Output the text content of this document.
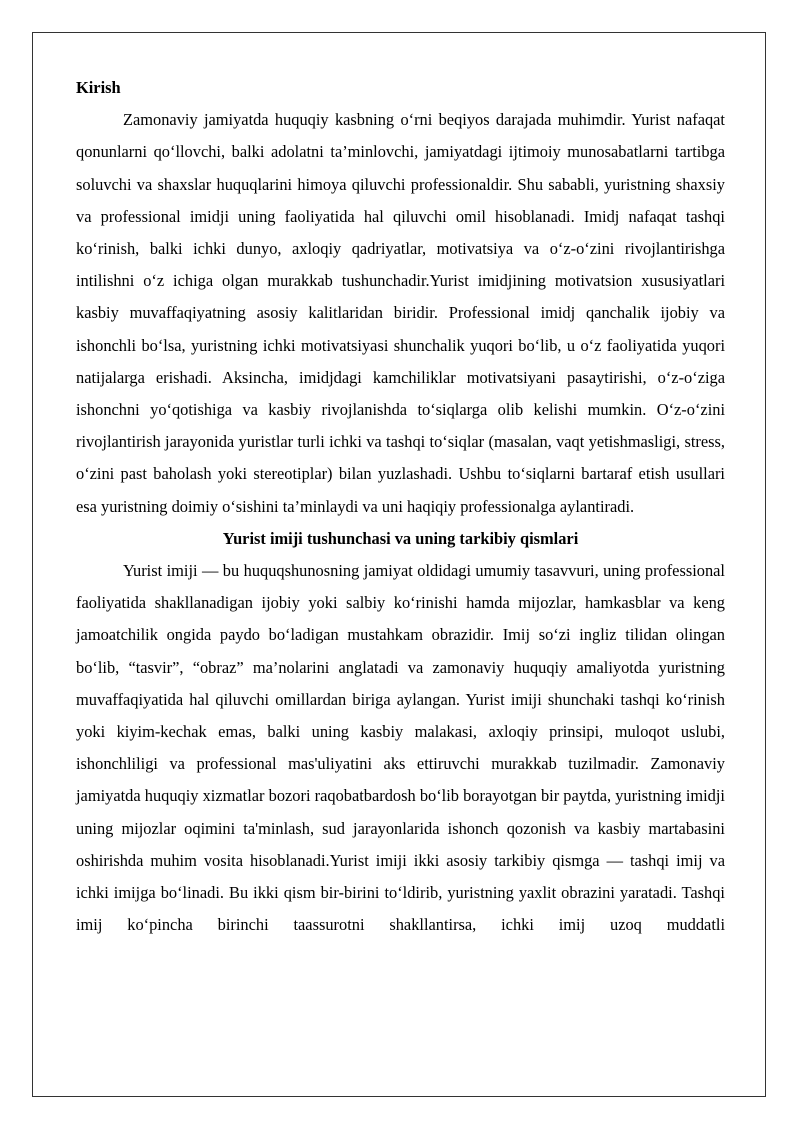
Kirish

Zamonaviy jamiyatda huquqiy kasbning o‘rni beqiyos darajada muhimdir. Yurist nafaqat qonunlarni qo‘llovchi, balki adolatni ta’minlovchi, jamiyatdagi ijtimoiy munosabatlarni tartibga soluvchi va shaxslar huquqlarini himoya qiluvchi professionaldir. Shu sababli, yuristning shaxsiy va professional imidji uning faoliyatida hal qiluvchi omil hisoblanadi. Imidj nafaqat tashqi ko‘rinish, balki ichki dunyo, axloqiy qadriyatlar, motivatsiya va o‘z-o‘zini rivojlantirishga intilishni o‘z ichiga olgan murakkab tushunchadir.Yurist imidjining motivatsion xususiyatlari kasbiy muvaffaqiyatning asosiy kalitlaridan biridir. Professional imidj qanchalik ijobiy va ishonchli bo‘lsa, yuristning ichki motivatsiyasi shunchalik yuqori bo‘lib, u o‘z faoliyatida yuqori natijalarga erishadi. Aksincha, imidjdagi kamchiliklar motivatsiyani pasaytirishi, o‘z-o‘ziga ishonchni yo‘qotishiga va kasbiy rivojlanishda to‘siqlarga olib kelishi mumkin. O‘z-o‘zini rivojlantirish jarayonida yuristlar turli ichki va tashqi to‘siqlar (masalan, vaqt yetishmasligi, stress, o‘zini past baholash yoki stereotiplar) bilan yuzlashadi. Ushbu to‘siqlarni bartaraf etish usullari esa yuristning doimiy o‘sishini ta’minlaydi va uni haqiqiy professionalga aylantiradi.

Yurist imiji tushunchasi va uning tarkibiy qismlari

Yurist imiji — bu huquqshunosning jamiyat oldidagi umumiy tasavvuri, uning professional faoliyatida shakllanadigan ijobiy yoki salbiy ko‘rinishi hamda mijozlar, hamkasblar va keng jamoatchilik ongida paydo bo‘ladigan mustahkam obrazidir. Imij so‘zi ingliz tilidan olingan bo‘lib, “tasvir”, “obraz” ma’nolarini anglatadi va zamonaviy huquqiy amaliyotda yuristning muvaffaqiyatida hal qiluvchi omillardan biriga aylangan. Yurist imiji shunchaki tashqi ko‘rinish yoki kiyim-kechak emas, balki uning kasbiy malakasi, axloqiy prinsipi, muloqot uslubi, ishonchliligi va professional mas'uliyatini aks ettiruvchi murakkab tuzilmadir. Zamonaviy jamiyatda huquqiy xizmatlar bozori raqobatbardosh bo‘lib borayotgan bir paytda, yuristning imidji uning mijozlar oqimini ta'minlash, sud jarayonlarida ishonch qozonish va kasbiy martabasini oshirishda muhim vosita hisoblanadi.Yurist imiji ikki asosiy tarkibiy qismga — tashqi imij va ichki imijga bo‘linadi. Bu ikki qism bir-birini to‘ldirib, yuristning yaxlit obrazini yaratadi. Tashqi imij ko‘pincha birinchi taassurotni shakllantirsa, ichki imij uzoq muddatli
